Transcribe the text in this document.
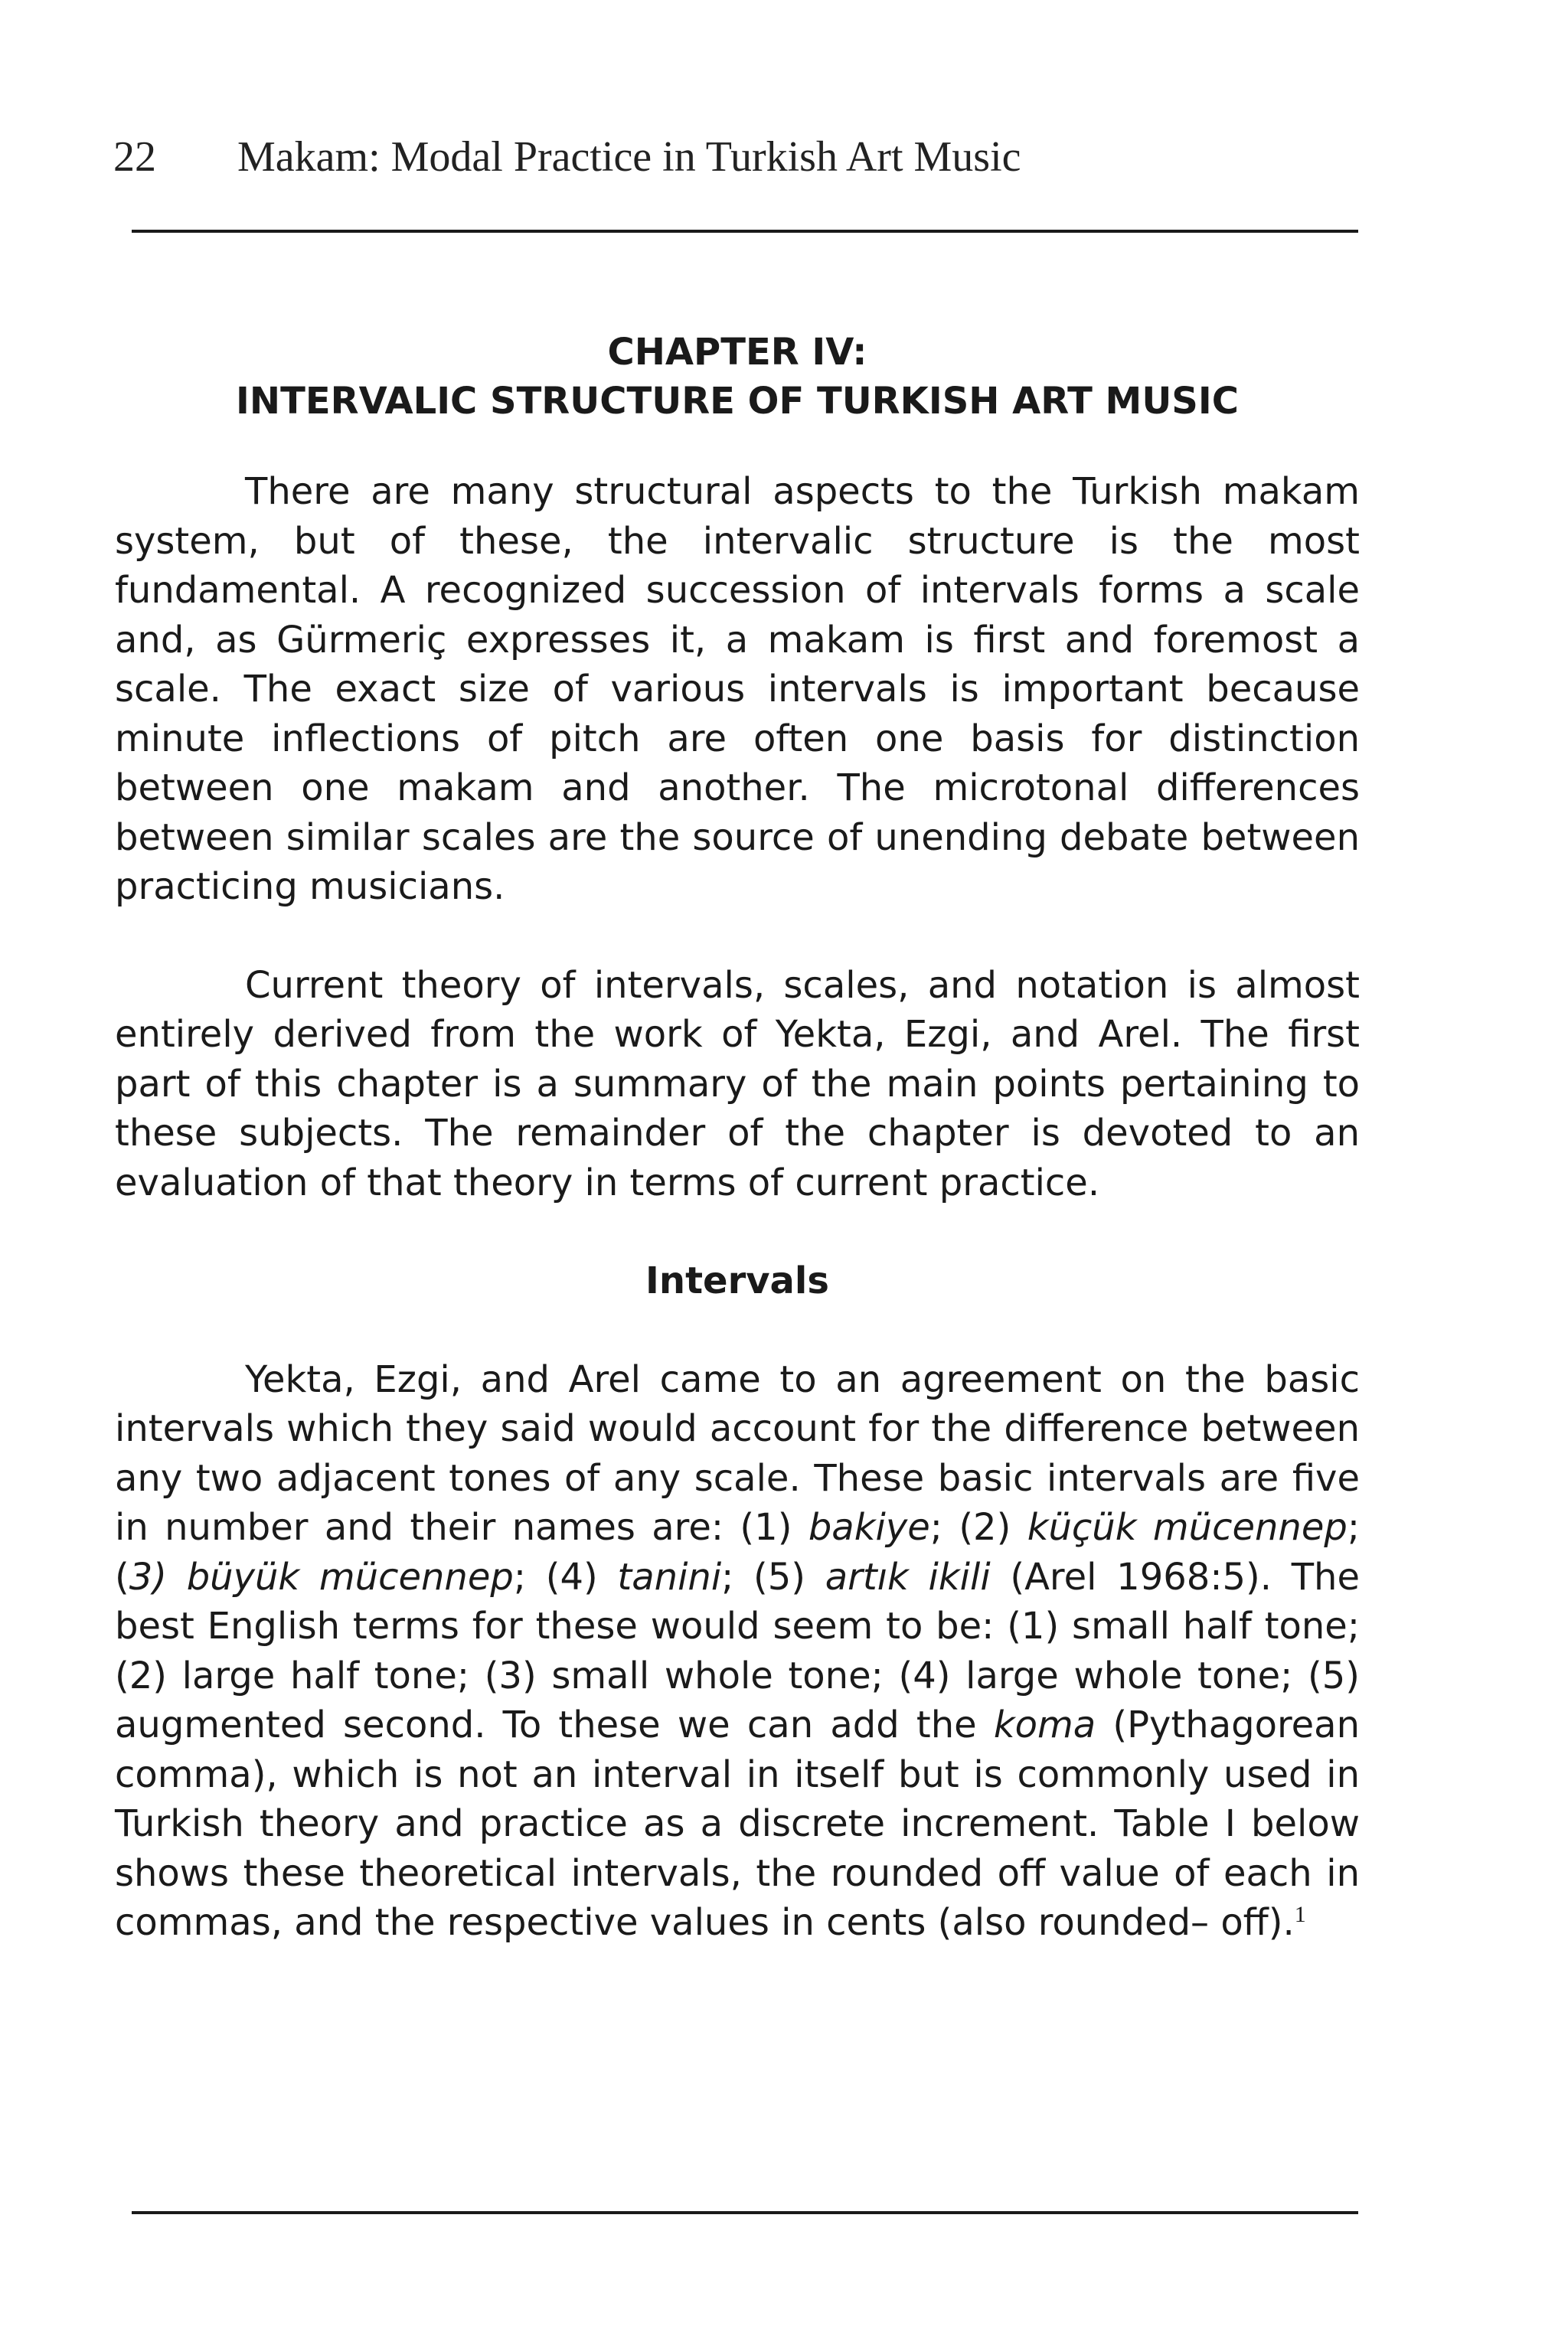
22 Makam: Modal Practice in Turkish Art Music
CHAPTER IV:
INTERVALIC STRUCTURE OF TURKISH ART MUSIC

There are many structural aspects to the Turkish makam system, but of these, the intervalic structure is the most fundamental. A recognized succession of intervals forms a scale and, as Gürmeriç expresses it, a makam is first and foremost a scale. The exact size of various intervals is important because minute inflections of pitch are often one basis for distinction between one makam and another. The microtonal differences between similar scales are the source of unending debate between practicing musicians.

Current theory of intervals, scales, and notation is almost entirely derived from the work of Yekta, Ezgi, and Arel. The first part of this chapter is a summary of the main points pertaining to these subjects. The remainder of the chapter is devoted to an evaluation of that theory in terms of current practice.

Intervals

Yekta, Ezgi, and Arel came to an agreement on the basic intervals which they said would account for the difference between any two adjacent tones of any scale. These basic intervals are five in number and their names are: (1) bakiye; (2) küçük mücennep; (3) büyük mücennep; (4) tanini; (5) artık ikili (Arel 1968:5). The best English terms for these would seem to be: (1) small half tone; (2) large half tone; (3) small whole tone; (4) large whole tone; (5) augmented second. To these we can add the koma (Pythagorean comma), which is not an interval in itself but is commonly used in Turkish theory and practice as a discrete increment. Table I below shows these theoretical intervals, the rounded off value of each in commas, and the respective values in cents (also rounded– off).$^1$
